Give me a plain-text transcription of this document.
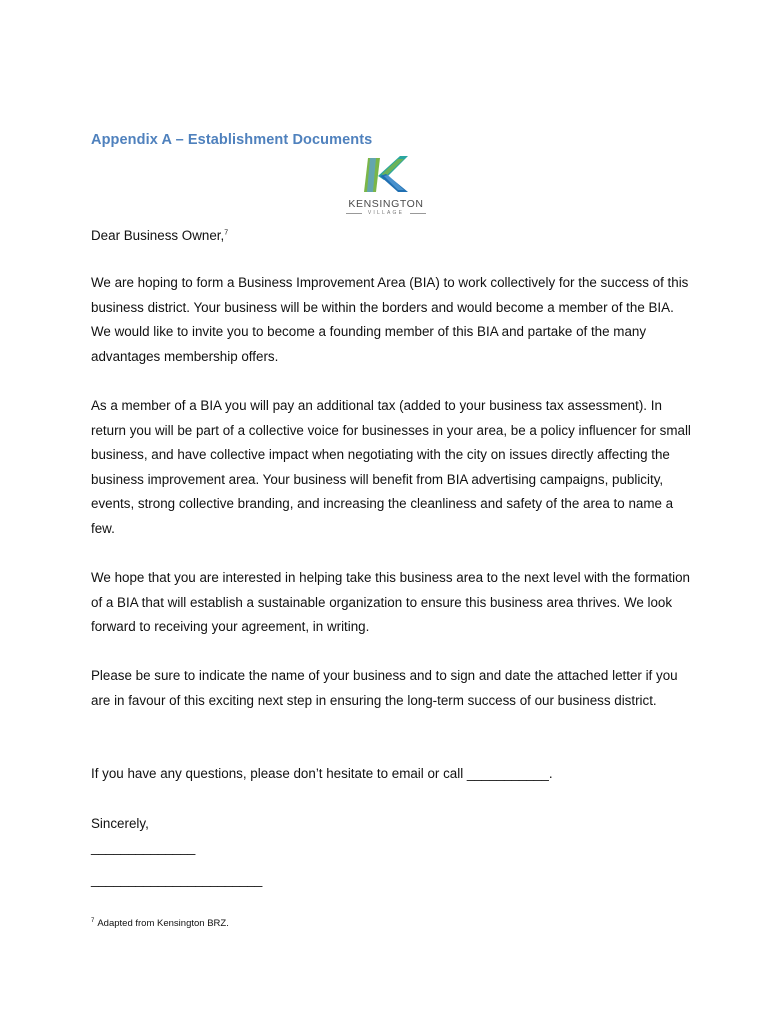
Appendix A – Establishment Documents
KENSINGTON
VILLAGE
Dear Business Owner,$^7$
We are hoping to form a Business Improvement Area (BIA) to work collectively for the success of this business district. Your business will be within the borders and would become a member of the BIA. We would like to invite you to become a founding member of this BIA and partake of the many advantages membership offers.
As a member of a BIA you will pay an additional tax (added to your business tax assessment). In return you will be part of a collective voice for businesses in your area, be a policy influencer for small business, and have collective impact when negotiating with the city on issues directly affecting the business improvement area. Your business will benefit from BIA advertising campaigns, publicity, events, strong collective branding, and increasing the cleanliness and safety of the area to name a few.
We hope that you are interested in helping take this business area to the next level with the formation of a BIA that will establish a sustainable organization to ensure this business area thrives. We look forward to receiving your agreement, in writing.
Please be sure to indicate the name of your business and to sign and date the attached letter if you are in favour of this exciting next step in ensuring the long-term success of our business district.
If you have any questions, please don’t hesitate to email or call ___________.
Sincerely,
______________
_______________________
$^7$ Adapted from Kensington BRZ.
